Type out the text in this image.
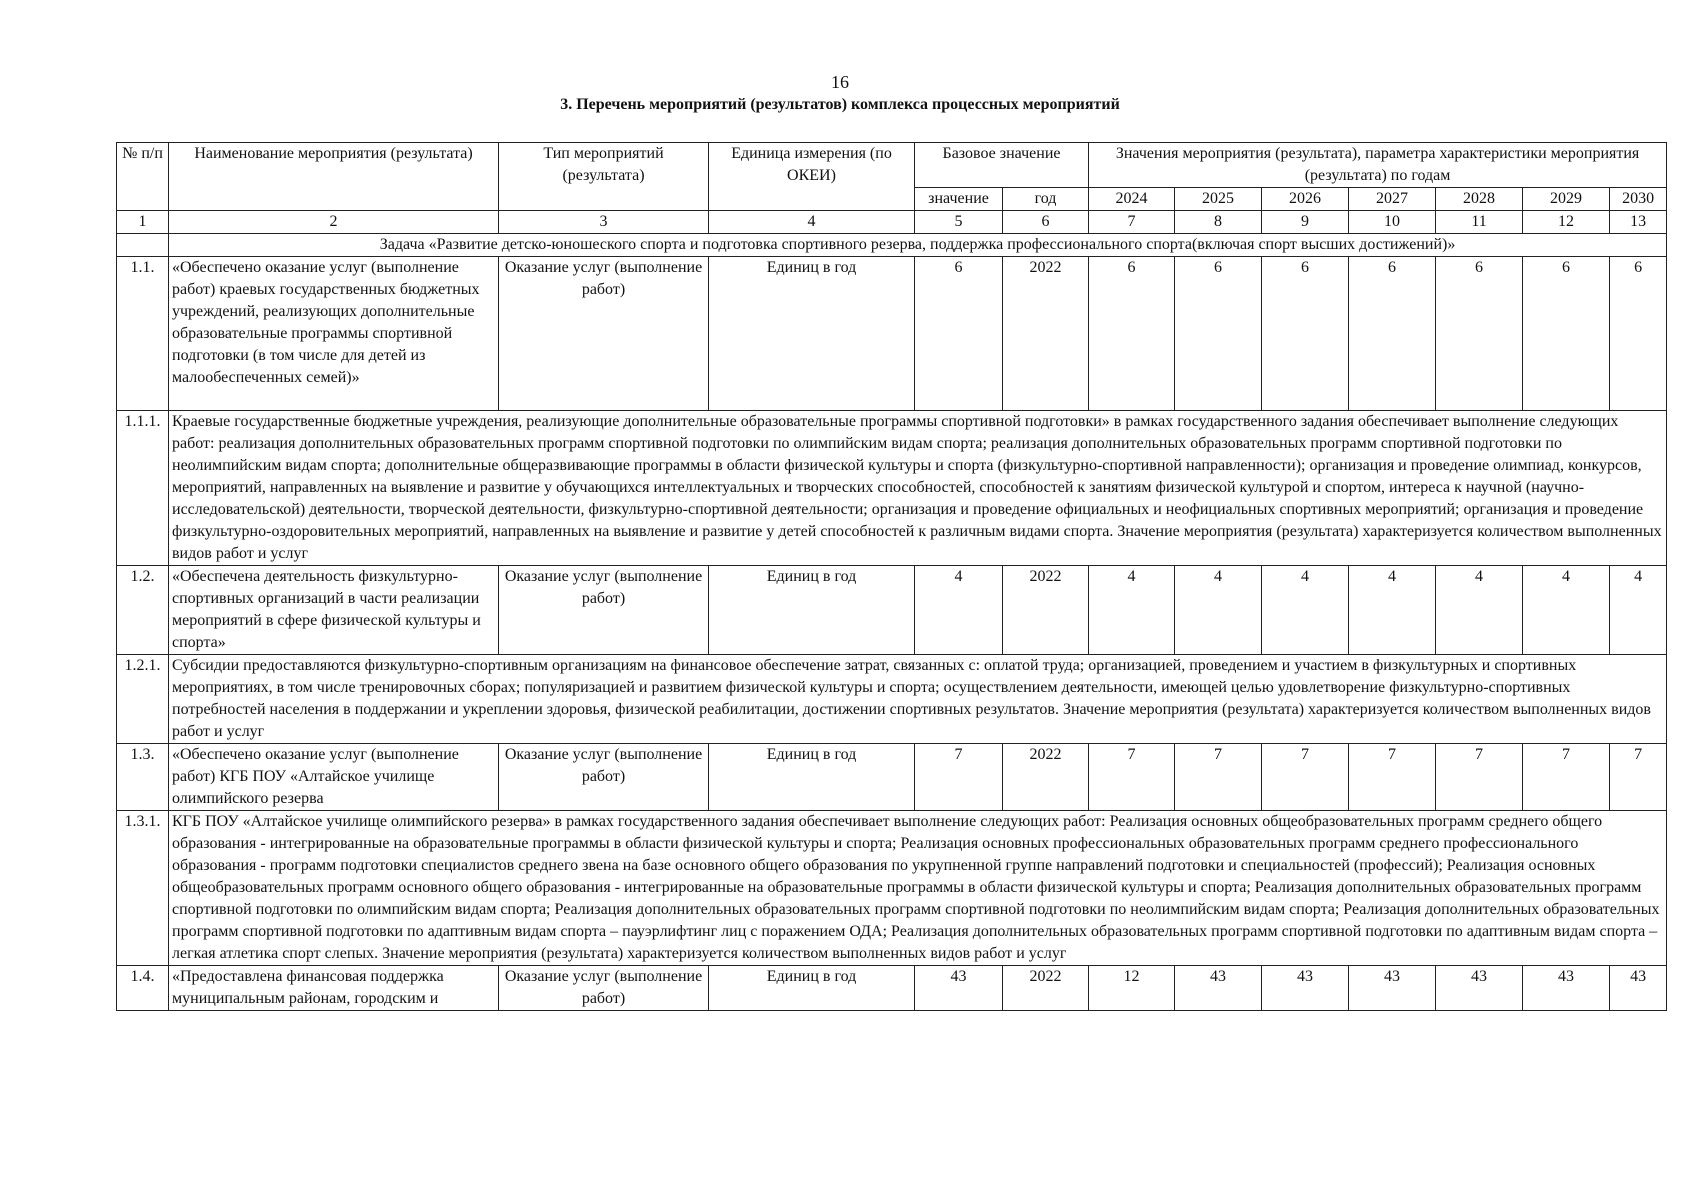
16
3. Перечень мероприятий (результатов) комплекса процессных мероприятий
№ п/п	Наименование мероприятия (результата)	Тип мероприятий (результата)	Единица измерения (по ОКЕИ)	Базовое значение		Значения мероприятия (результата), параметра характеристики мероприятия (результата) по годам						
				значение	год	2024	2025	2026	2027	2028	2029	2030
1	2	3	4	5	6	7	8	9	10	11	12	13
	Задача «Развитие детско-юношеского спорта и подготовка спортивного резерва, поддержка профессионального спорта(включая спорт высших достижений)»											
1.1.	«Обеспечено оказание услуг (выполнение работ) краевых государственных бюджетных учреждений, реализующих дополнительные образовательные программы спортивной подготовки (в том числе для детей из малообеспеченных семей)»	Оказание услуг (выполнение работ)	Единиц в год	6	2022	6	6	6	6	6	6	6
1.1.1.	Краевые государственные бюджетные учреждения, реализующие дополнительные образовательные программы спортивной подготовки» в рамках государственного задания обеспечивает выполнение следующих работ: реализация дополнительных образовательных программ спортивной подготовки по олимпийским видам спорта; реализация дополнительных образовательных программ спортивной подготовки по неолимпийским видам спорта; дополнительные общеразвивающие программы в области физической культуры и спорта (физкультурно-спортивной направленности); организация и проведение олимпиад, конкурсов, мероприятий, направленных на выявление и развитие у обучающихся интеллектуальных и творческих способностей, способностей к занятиям физической культурой и спортом, интереса к научной (научно-исследовательской) деятельности, творческой деятельности, физкультурно-спортивной деятельности; организация и проведение официальных и неофициальных спортивных мероприятий; организация и проведение физкультурно-оздоровительных мероприятий, направленных на выявление и развитие у детей способностей к различным видами спорта. Значение мероприятия (результата) характеризуется количеством выполненных видов работ и услуг											
1.2.	«Обеспечена деятельность физкультурно-спортивных организаций в части реализации мероприятий в сфере физической культуры и спорта»	Оказание услуг (выполнение работ)	Единиц в год	4	2022	4	4	4	4	4	4	4
1.2.1.	Субсидии предоставляются физкультурно-спортивным организациям на финансовое обеспечение затрат, связанных с: оплатой труда; организацией, проведением и участием в физкультурных и спортивных мероприятиях, в том числе тренировочных сборах; популяризацией и развитием физической культуры и спорта; осуществлением деятельности, имеющей целью удовлетворение физкультурно-спортивных потребностей населения в поддержании и укреплении здоровья, физической реабилитации, достижении спортивных результатов. Значение мероприятия (результата) характеризуется количеством выполненных видов работ и услуг											
1.3.	«Обеспечено оказание услуг (выполнение работ) КГБ ПОУ «Алтайское училище олимпийского резерва	Оказание услуг (выполнение работ)	Единиц в год	7	2022	7	7	7	7	7	7	7
1.3.1.	КГБ ПОУ «Алтайское училище олимпийского резерва» в рамках государственного задания обеспечивает выполнение следующих работ: Реализация основных общеобразовательных программ среднего общего образования - интегрированные на образовательные программы в области физической культуры и спорта; Реализация основных профессиональных образовательных программ среднего профессионального образования - программ подготовки специалистов среднего звена на базе основного общего образования по укрупненной группе направлений подготовки и специальностей (профессий); Реализация основных общеобразовательных программ основного общего образования - интегрированные на образовательные программы в области физической культуры и спорта; Реализация дополнительных образовательных программ спортивной подготовки по олимпийским видам спорта; Реализация дополнительных образовательных программ спортивной подготовки по неолимпийским видам спорта; Реализация дополнительных образовательных программ спортивной подготовки по адаптивным видам спорта – пауэрлифтинг лиц с поражением ОДА; Реализация дополнительных образовательных программ спортивной подготовки по адаптивным видам спорта – легкая атлетика спорт слепых. Значение мероприятия (результата) характеризуется количеством выполненных видов работ и услуг											
1.4.	«Предоставлена финансовая поддержка муниципальным районам, городским и	Оказание услуг (выполнение работ)	Единиц в год	43	2022	12	43	43	43	43	43	43
